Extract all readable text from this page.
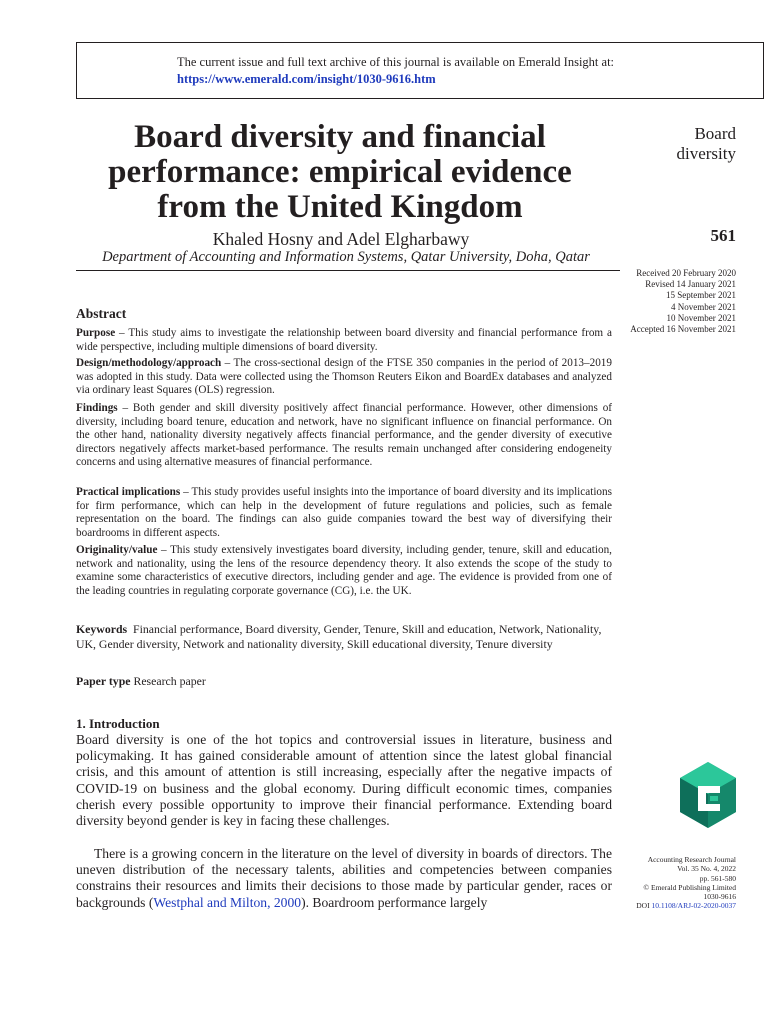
The current issue and full text archive of this journal is available on Emerald Insight at:
https://www.emerald.com/insight/1030-9616.htm
Board diversity and financial
performance: empirical evidence
from the United Kingdom
Board
diversity
561
Khaled Hosny and Adel Elgharbawy
Department of Accounting and Information Systems, Qatar University, Doha, Qatar
Received 20 February 2020
Revised 14 January 2021
15 September 2021
4 November 2021
10 November 2021
Accepted 16 November 2021
Abstract
Purpose – This study aims to investigate the relationship between board diversity and financial performance from a wide perspective, including multiple dimensions of board diversity.
Design/methodology/approach – The cross-sectional design of the FTSE 350 companies in the period of 2013–2019 was adopted in this study. Data were collected using the Thomson Reuters Eikon and BoardEx databases and analyzed via ordinary least Squares (OLS) regression.
Findings – Both gender and skill diversity positively affect financial performance. However, other dimensions of diversity, including board tenure, education and network, have no significant influence on financial performance. On the other hand, nationality diversity negatively affects financial performance, and the gender diversity of executive directors negatively affects market-based performance. The results remain unchanged after considering endogeneity concerns and using alternative measures of financial performance.
Practical implications – This study provides useful insights into the importance of board diversity and its implications for firm performance, which can help in the development of future regulations and policies, such as female representation on the board. The findings can also guide companies toward the best way of diversifying their boardrooms in different aspects.
Originality/value – This study extensively investigates board diversity, including gender, tenure, skill and education, network and nationality, using the lens of the resource dependency theory. It also extends the scope of the study to examine some characteristics of executive directors, including gender and age. The evidence is provided from one of the leading countries in regulating corporate governance (CG), i.e. the UK.
Keywords Financial performance, Board diversity, Gender, Tenure, Skill and education, Network, Nationality, UK, Gender diversity, Network and nationality diversity, Skill educational diversity, Tenure diversity
Paper type Research paper
1. Introduction
Board diversity is one of the hot topics and controversial issues in literature, business and policymaking. It has gained considerable amount of attention since the latest global financial crisis, and this amount of attention is still increasing, especially after the negative impacts of COVID-19 on business and the global economy. During difficult economic times, companies cherish every possible opportunity to improve their financial performance. Extending board diversity beyond gender is key in facing these challenges.
There is a growing concern in the literature on the level of diversity in boards of directors. The uneven distribution of the necessary talents, abilities and competencies between companies constrains their resources and limits their decisions to those made by particular gender, races or backgrounds (Westphal and Milton, 2000). Boardroom performance largely
Accounting Research Journal
Vol. 35 No. 4, 2022
pp. 561-580
© Emerald Publishing Limited
1030-9616
DOI 10.1108/ARJ-02-2020-0037
